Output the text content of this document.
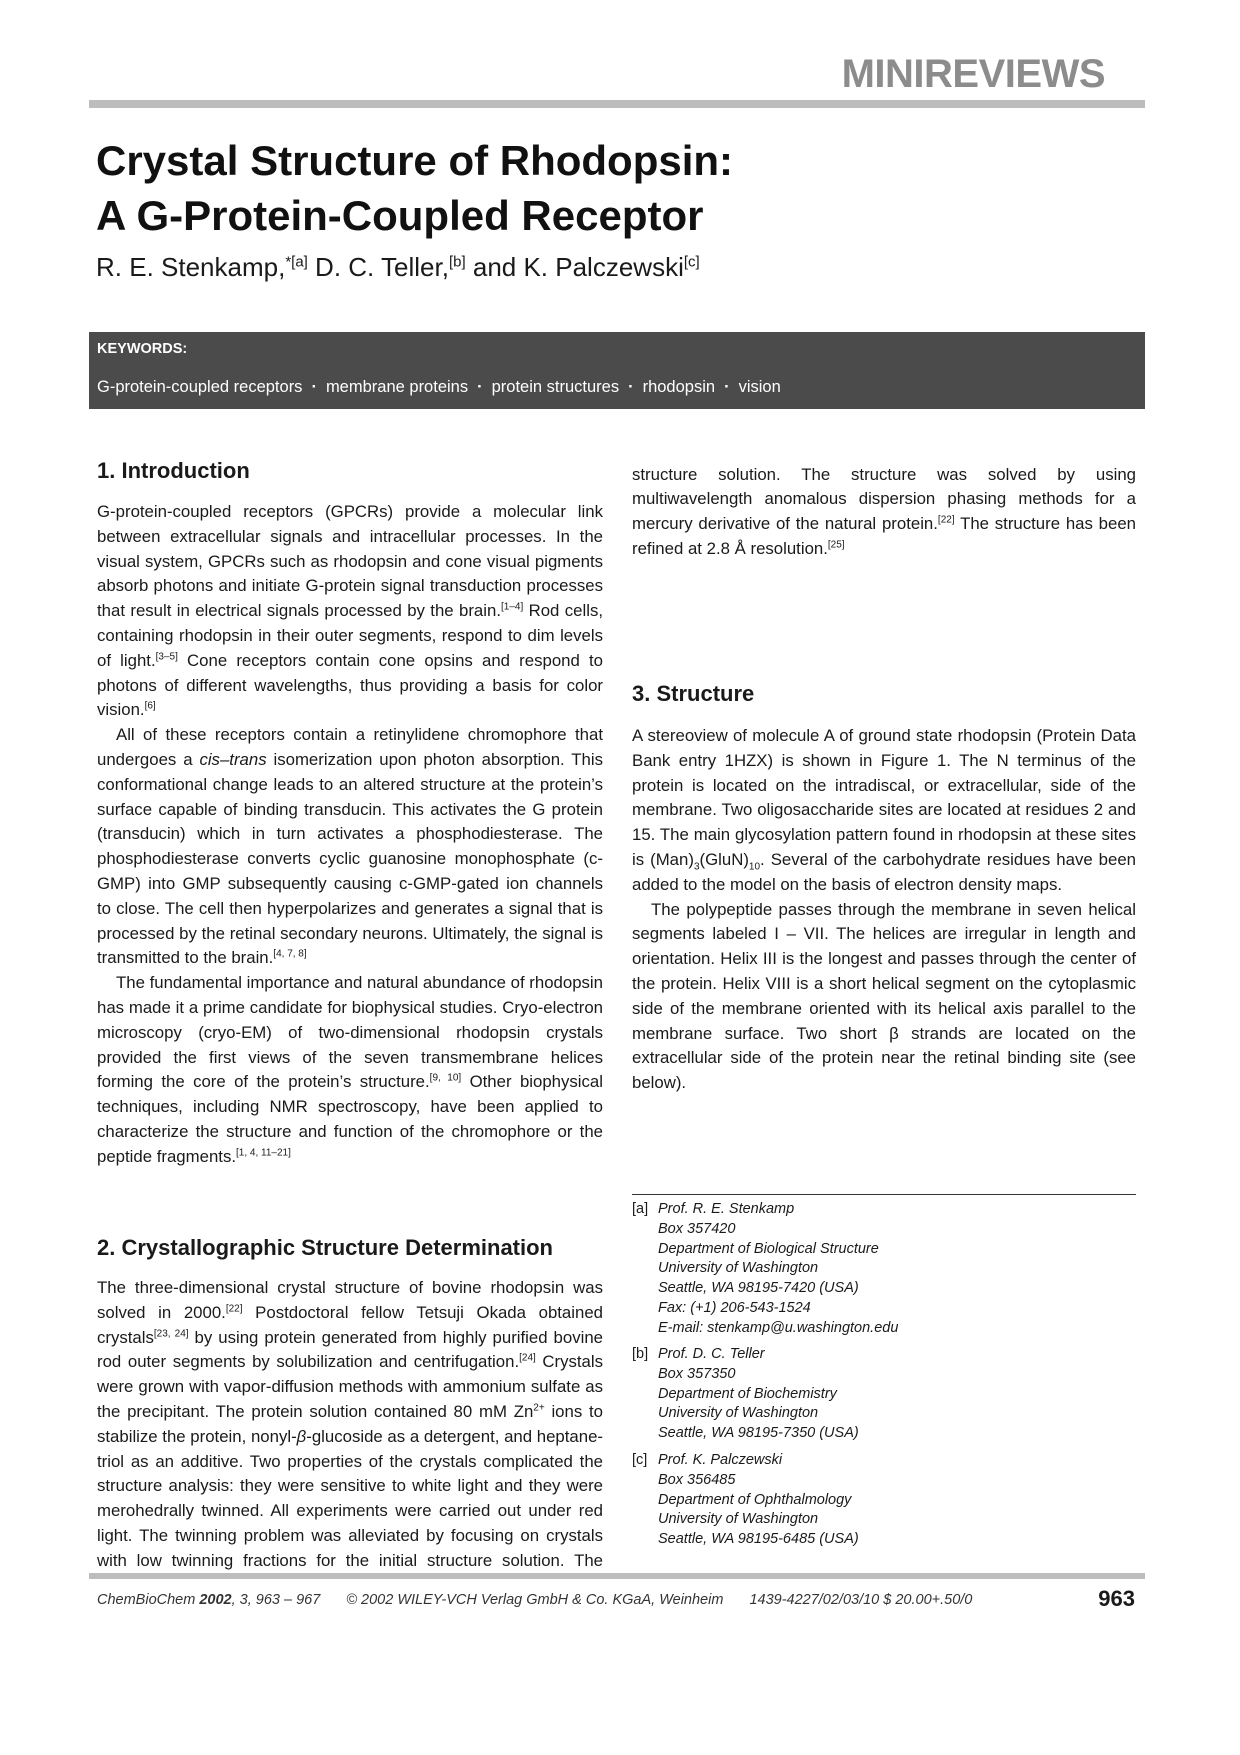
MINIREVIEWS
Crystal Structure of Rhodopsin:
A G-Protein-Coupled Receptor
R. E. Stenkamp,$^{*[a]}$ D. C. Teller,[b] and K. Palczewski[c]
KEYWORDS:
G-protein-coupled receptors · membrane proteins · protein structures · rhodopsin · vision
1. Introduction

G-protein-coupled receptors (GPCRs) provide a molecular link between extracellular signals and intracellular processes. In the visual system, GPCRs such as rhodopsin and cone visual pigments absorb photons and initiate G-protein signal transduction processes that result in electrical signals processed by the brain.[1–4] Rod cells, containing rhodopsin in their outer segments, respond to dim levels of light.[3–5] Cone receptors contain cone opsins and respond to photons of different wavelengths, thus providing a basis for color vision.[6]

All of these receptors contain a retinylidene chromophore that undergoes a cis–trans isomerization upon photon absorption. This conformational change leads to an altered structure at the protein’s surface capable of binding transducin. This activates the G protein (transducin) which in turn activates a phosphodiesterase. The phosphodiesterase converts cyclic guanosine monophosphate (c-GMP) into GMP subsequently causing c-GMP-gated ion channels to close. The cell then hyperpolarizes and generates a signal that is processed by the retinal secondary neurons. Ultimately, the signal is transmitted to the brain.[4, 7, 8]

The fundamental importance and natural abundance of rhodopsin has made it a prime candidate for biophysical studies. Cryo-electron microscopy (cryo-EM) of two-dimensional rhodopsin crystals provided the first views of the seven transmembrane helices forming the core of the protein’s structure.[9, 10] Other biophysical techniques, including NMR spectroscopy, have been applied to characterize the structure and function of the chromophore or the peptide fragments.[1, 4, 11–21]

2. Crystallographic Structure Determination

The three-dimensional crystal structure of bovine rhodopsin was solved in 2000.[22] Postdoctoral fellow Tetsuji Okada obtained crystals[23, 24] by using protein generated from highly purified bovine rod outer segments by solubilization and centrifugation.[24] Crystals were grown with vapor-diffusion methods with ammonium sulfate as the precipitant. The protein solution contained 80 mM $Zn^{2+}$ ions to stabilize the protein, nonyl-β-glucoside as a detergent, and heptane-triol as an additive. Two properties of the crystals complicated the structure analysis: they were sensitive to white light and they were merohedrally twinned. All experiments were carried out under red light. The twinning problem was alleviated by focusing on crystals with low twinning fractions for the initial structure solution. The

structure solution. The structure was solved by using multiwavelength anomalous dispersion phasing methods for a mercury derivative of the natural protein.[22] The structure has been refined at 2.8 Å resolution.[25]

3. Structure

A stereoview of molecule A of ground state rhodopsin (Protein Data Bank entry 1HZX) is shown in Figure 1. The N terminus of the protein is located on the intradiscal, or extracellular, side of the membrane. Two oligosaccharide sites are located at residues 2 and 15. The main glycosylation pattern found in rhodopsin at these sites is $(Man)_3(GluN)_{10}$. Several of the carbohydrate residues have been added to the model on the basis of electron density maps.

The polypeptide passes through the membrane in seven helical segments labeled I – VII. The helices are irregular in length and orientation. Helix III is the longest and passes through the center of the protein. Helix VIII is a short helical segment on the cytoplasmic side of the membrane oriented with its helical axis parallel to the membrane surface. Two short β strands are located on the extracellular side of the protein near the retinal binding site (see below).

[a] Prof. R. E. Stenkamp
Box 357420
Department of Biological Structure
University of Washington
Seattle, WA 98195-7420 (USA)
Fax: (+1) 206-543-1524
E-mail: stenkamp@u.washington.edu
[b] Prof. D. C. Teller
Box 357350
Department of Biochemistry
University of Washington
Seattle, WA 98195-7350 (USA)
[c] Prof. K. Palczewski
Box 356485
Department of Ophthalmology
University of Washington
Seattle, WA 98195-6485 (USA)
ChemBioChem 2002, 3, 963 – 967 © 2002 WILEY-VCH Verlag GmbH & Co. KGaA, Weinheim 1439-4227/02/03/10 $ 20.00+.50/0	963
